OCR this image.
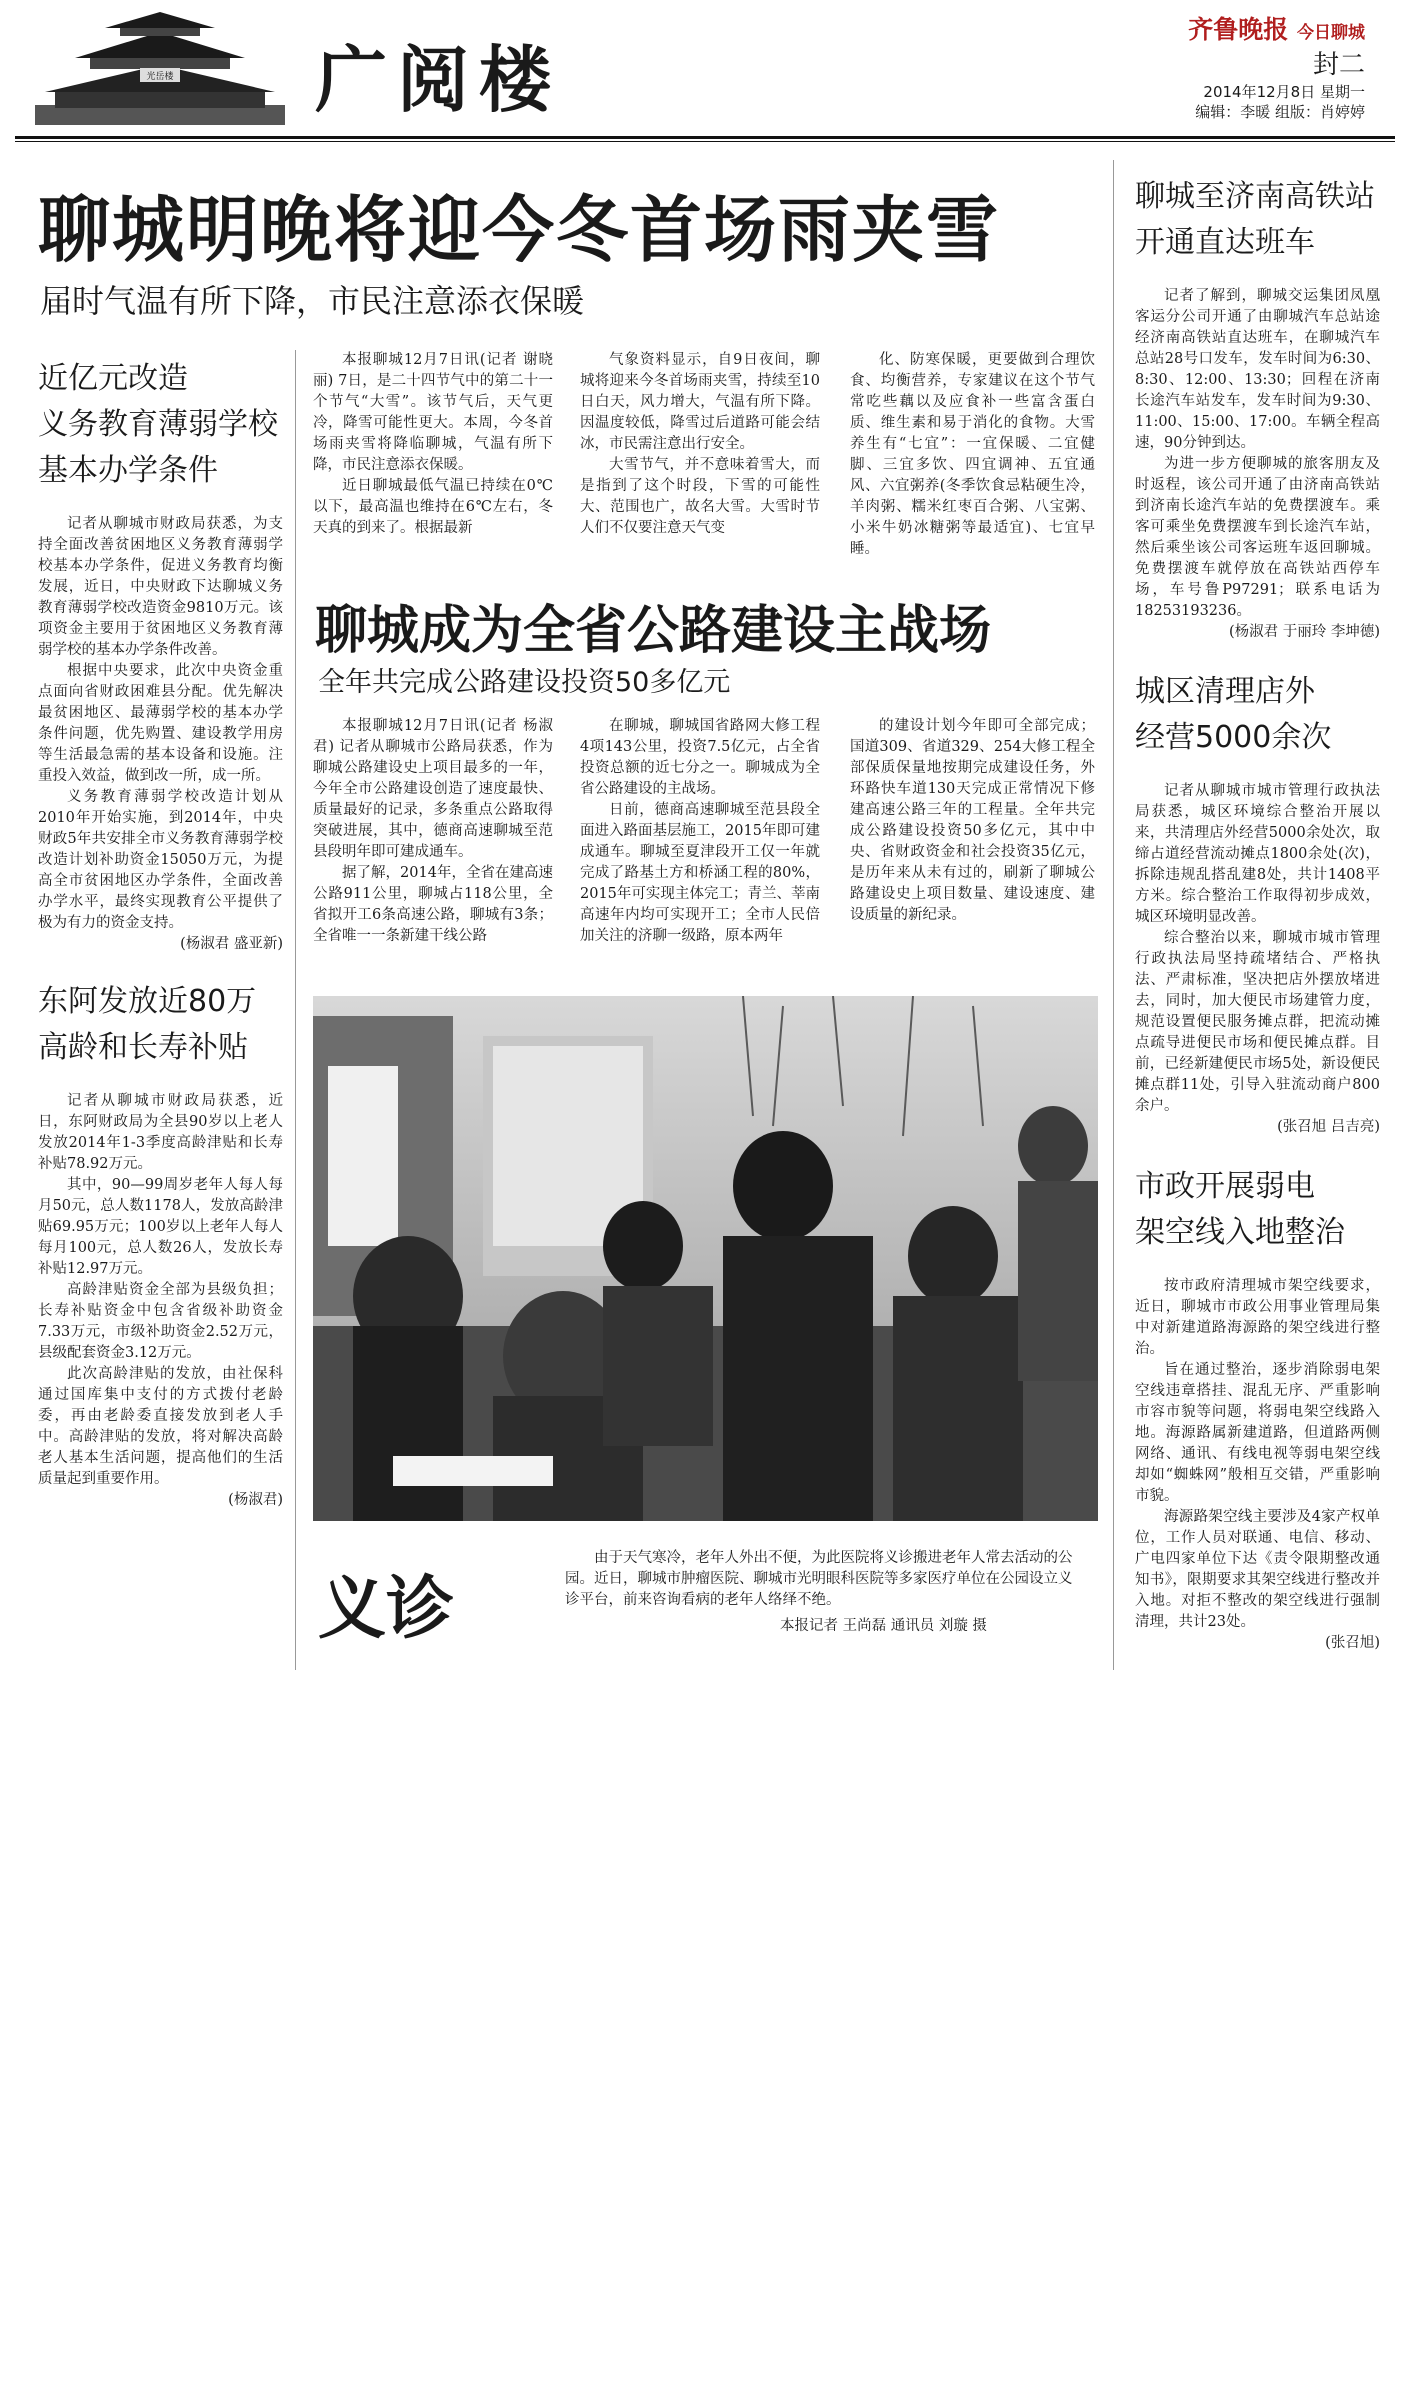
光岳楼 广阅楼
齐鲁晚报 今日聊城
封二
2014年12月8日 星期一
编辑：李暖 组版：肖婷婷
聊城明晚将迎今冬首场雨夹雪
届时气温有所下降，市民注意添衣保暖

本报聊城12月7日讯(记者 谢晓丽) 7日，是二十四节气中的第二十一个节气“大雪”。该节气后，天气更冷，降雪可能性更大。本周，今冬首场雨夹雪将降临聊城，气温有所下降，市民注意添衣保暖。

近日聊城最低气温已持续在0℃以下，最高温也维持在6℃左右，冬天真的到来了。根据最新

气象资料显示，自9日夜间，聊城将迎来今冬首场雨夹雪，持续至10日白天，风力增大，气温有所下降。因温度较低，降雪过后道路可能会结冰，市民需注意出行安全。

大雪节气，并不意味着雪大，而是指到了这个时段，下雪的可能性大、范围也广，故名大雪。大雪时节人们不仅要注意天气变

化、防寒保暖，更要做到合理饮食、均衡营养，专家建议在这个节气常吃些藕以及应食补一些富含蛋白质、维生素和易于消化的食物。大雪养生有“七宜”：一宜保暖、二宜健脚、三宜多饮、四宜调神、五宜通风、六宜粥养(冬季饮食忌粘硬生冷，羊肉粥、糯米红枣百合粥、八宝粥、小米牛奶冰糖粥等最适宜)、七宜早睡。

近亿元改造
义务教育薄弱学校
基本办学条件

记者从聊城市财政局获悉，为支持全面改善贫困地区义务教育薄弱学校基本办学条件，促进义务教育均衡发展，近日，中央财政下达聊城义务教育薄弱学校改造资金9810万元。该项资金主要用于贫困地区义务教育薄弱学校的基本办学条件改善。

根据中央要求，此次中央资金重点面向省财政困难县分配。优先解决最贫困地区、最薄弱学校的基本办学条件问题，优先购置、建设教学用房等生活最急需的基本设备和设施。注重投入效益，做到改一所，成一所。

义务教育薄弱学校改造计划从2010年开始实施，到2014年，中央财政5年共安排全市义务教育薄弱学校改造计划补助资金15050万元，为提高全市贫困地区办学条件，全面改善办学水平，最终实现教育公平提供了极为有力的资金支持。

(杨淑君 盛亚新)

东阿发放近80万
高龄和长寿补贴

记者从聊城市财政局获悉，近日，东阿财政局为全县90岁以上老人发放2014年1-3季度高龄津贴和长寿补贴78.92万元。

其中，90—99周岁老年人每人每月50元，总人数1178人，发放高龄津贴69.95万元；100岁以上老年人每人每月100元，总人数26人，发放长寿补贴12.97万元。

高龄津贴资金全部为县级负担；长寿补贴资金中包含省级补助资金7.33万元，市级补助资金2.52万元，县级配套资金3.12万元。

此次高龄津贴的发放，由社保科通过国库集中支付的方式拨付老龄委，再由老龄委直接发放到老人手中。高龄津贴的发放，将对解决高龄老人基本生活问题，提高他们的生活质量起到重要作用。

(杨淑君)

聊城成为全省公路建设主战场
全年共完成公路建设投资50多亿元

本报聊城12月7日讯(记者 杨淑君) 记者从聊城市公路局获悉，作为聊城公路建设史上项目最多的一年，今年全市公路建设创造了速度最快、质量最好的记录，多条重点公路取得突破进展，其中，德商高速聊城至范县段明年即可建成通车。

据了解，2014年，全省在建高速公路911公里，聊城占118公里，全省拟开工6条高速公路，聊城有3条；全省唯一一条新建干线公路

在聊城，聊城国省路网大修工程4项143公里，投资7.5亿元，占全省投资总额的近七分之一。聊城成为全省公路建设的主战场。

日前，德商高速聊城至范县段全面进入路面基层施工，2015年即可建成通车。聊城至夏津段开工仅一年就完成了路基土方和桥涵工程的80%，2015年可实现主体完工；青兰、莘南高速年内均可实现开工；全市人民倍加关注的济聊一级路，原本两年

的建设计划今年即可全部完成；国道309、省道329、254大修工程全部保质保量地按期完成建设任务，外环路快车道130天完成正常情况下修建高速公路三年的工程量。全年共完成公路建设投资50多亿元，其中中央、省财政资金和社会投资35亿元，是历年来从未有过的，刷新了聊城公路建设史上项目数量、建设速度、建设质量的新纪录。

义诊
由于天气寒冷，老年人外出不便，为此医院将义诊搬进老年人常去活动的公园。近日，聊城市肿瘤医院、聊城市光明眼科医院等多家医疗单位在公园设立义诊平台，前来咨询看病的老年人络绎不绝。
本报记者 王尚磊 通讯员 刘璇 摄
聊城至济南高铁站
开通直达班车

记者了解到，聊城交运集团凤凰客运分公司开通了由聊城汽车总站途经济南高铁站直达班车，在聊城汽车总站28号口发车，发车时间为6:30、8:30、12:00、13:30；回程在济南长途汽车站发车，发车时间为9:30、11:00、15:00、17:00。车辆全程高速，90分钟到达。

为进一步方便聊城的旅客朋友及时返程，该公司开通了由济南高铁站到济南长途汽车站的免费摆渡车。乘客可乘坐免费摆渡车到长途汽车站，然后乘坐该公司客运班车返回聊城。免费摆渡车就停放在高铁站西停车场，车号鲁P97291；联系电话为18253193236。

(杨淑君 于丽玲 李坤德)

城区清理店外
经营5000余次

记者从聊城市城市管理行政执法局获悉，城区环境综合整治开展以来，共清理店外经营5000余处次，取缔占道经营流动摊点1800余处(次)，拆除违规乱搭乱建8处，共计1408平方米。综合整治工作取得初步成效，城区环境明显改善。

综合整治以来，聊城市城市管理行政执法局坚持疏堵结合、严格执法、严肃标准，坚决把店外摆放堵进去，同时，加大便民市场建管力度，规范设置便民服务摊点群，把流动摊点疏导进便民市场和便民摊点群。目前，已经新建便民市场5处，新设便民摊点群11处，引导入驻流动商户800余户。

(张召旭 吕吉亮)

市政开展弱电
架空线入地整治

按市政府清理城市架空线要求，近日，聊城市市政公用事业管理局集中对新建道路海源路的架空线进行整治。

旨在通过整治，逐步消除弱电架空线违章搭挂、混乱无序、严重影响市容市貌等问题，将弱电架空线路入地。海源路属新建道路，但道路两侧网络、通讯、有线电视等弱电架空线却如“蜘蛛网”般相互交错，严重影响市貌。

海源路架空线主要涉及4家产权单位，工作人员对联通、电信、移动、广电四家单位下达《责令限期整改通知书》，限期要求其架空线进行整改并入地。对拒不整改的架空线进行强制清理，共计23处。

(张召旭)
